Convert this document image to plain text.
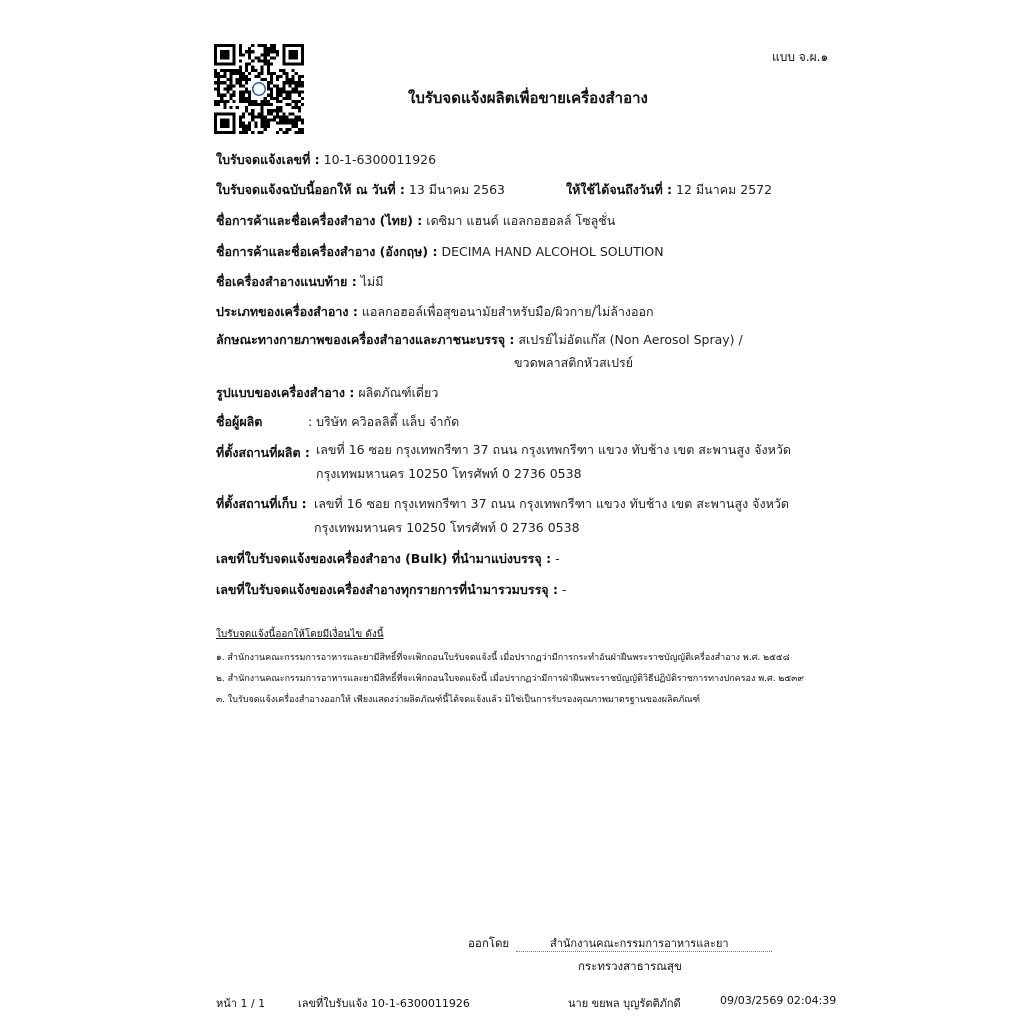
แบบ จ.ผ.๑
ใบรับจดแจ้งผลิตเพื่อขายเครื่องสำอาง
ใบรับจดแจ้งเลขที่ : 10-1-6300011926
ใบรับจดแจ้งฉบับนี้ออกให้ ณ วันที่ : 13 มีนาคม 2563	ให้ใช้ได้จนถึงวันที่ : 12 มีนาคม 2572
ชื่อการค้าและชื่อเครื่องสำอาง (ไทย) : เดซิมา แฮนด์ แอลกอฮอลล์ โซลูชั่น
ชื่อการค้าและชื่อเครื่องสำอาง (อังกฤษ) : DECIMA HAND ALCOHOL SOLUTION
ชื่อเครื่องสำอางแนบท้าย : ไม่มี
ประเภทของเครื่องสำอาง : แอลกอฮอล์เพื่อสุขอนามัยสำหรับมือ/ผิวกาย/ไม่ล้างออก
ลักษณะทางกายภาพของเครื่องสำอางและภาชนะบรรจุ : สเปรย์ไม่อัดแก๊ส (Non Aerosol Spray) /
ขวดพลาสติกหัวสเปรย์
รูปแบบของเครื่องสำอาง : ผลิตภัณฑ์เดี่ยว
ชื่อผู้ผลิต	: บริษัท ควิอลลิตี้ แล็บ จำกัด
ที่ตั้งสถานที่ผลิต : เลขที่ 16 ซอย กรุงเทพกรีฑา 37 ถนน กรุงเทพกรีฑา แขวง ทับช้าง เขต สะพานสูง จังหวัด
กรุงเทพมหานคร 10250 โทรศัพท์ 0 2736 0538
ที่ตั้งสถานที่เก็บ : เลขที่ 16 ซอย กรุงเทพกรีฑา 37 ถนน กรุงเทพกรีฑา แขวง ทับช้าง เขต สะพานสูง จังหวัด
กรุงเทพมหานคร 10250 โทรศัพท์ 0 2736 0538
เลขที่ใบรับจดแจ้งของเครื่องสำอาง (Bulk) ที่นำมาแบ่งบรรจุ : -
เลขที่ใบรับจดแจ้งของเครื่องสำอางทุกรายการที่นำมารวมบรรจุ : -
ใบรับจดแจ้งนี้ออกให้โดยมีเงื่อนไข ดังนี้
๑. สำนักงานคณะกรรมการอาหารและยามีสิทธิ์ที่จะเพิกถอนใบรับจดแจ้งนี้ เมื่อปรากฏว่ามีการกระทำอันฝ่าฝืนพระราชบัญญัติเครื่องสำอาง พ.ศ. ๒๕๕๘
๒. สำนักงานคณะกรรมการอาหารและยามีสิทธิ์ที่จะเพิกถอนใบจดแจ้งนี้ เมื่อปรากฏว่ามีการฝ่าฝืนพระราชบัญญัติวิธีปฏิบัติราชการทางปกครอง พ.ศ. ๒๕๓๙
๓. ใบรับจดแจ้งเครื่องสำอางออกให้ เพียงแสดงว่าผลิตภัณฑ์นี้ได้จดแจ้งแล้ว มิใช่เป็นการรับรองคุณภาพมาตรฐานของผลิตภัณฑ์
ออกโดย	สำนักงานคณะกรรมการอาหารและยา
กระทรวงสาธารณสุข
หน้า 1 / 1	เลขที่ใบรับแจ้ง 10-1-6300011926	นาย ขยพล บุญรัตติภักดี	09/03/2569 02:04:39
